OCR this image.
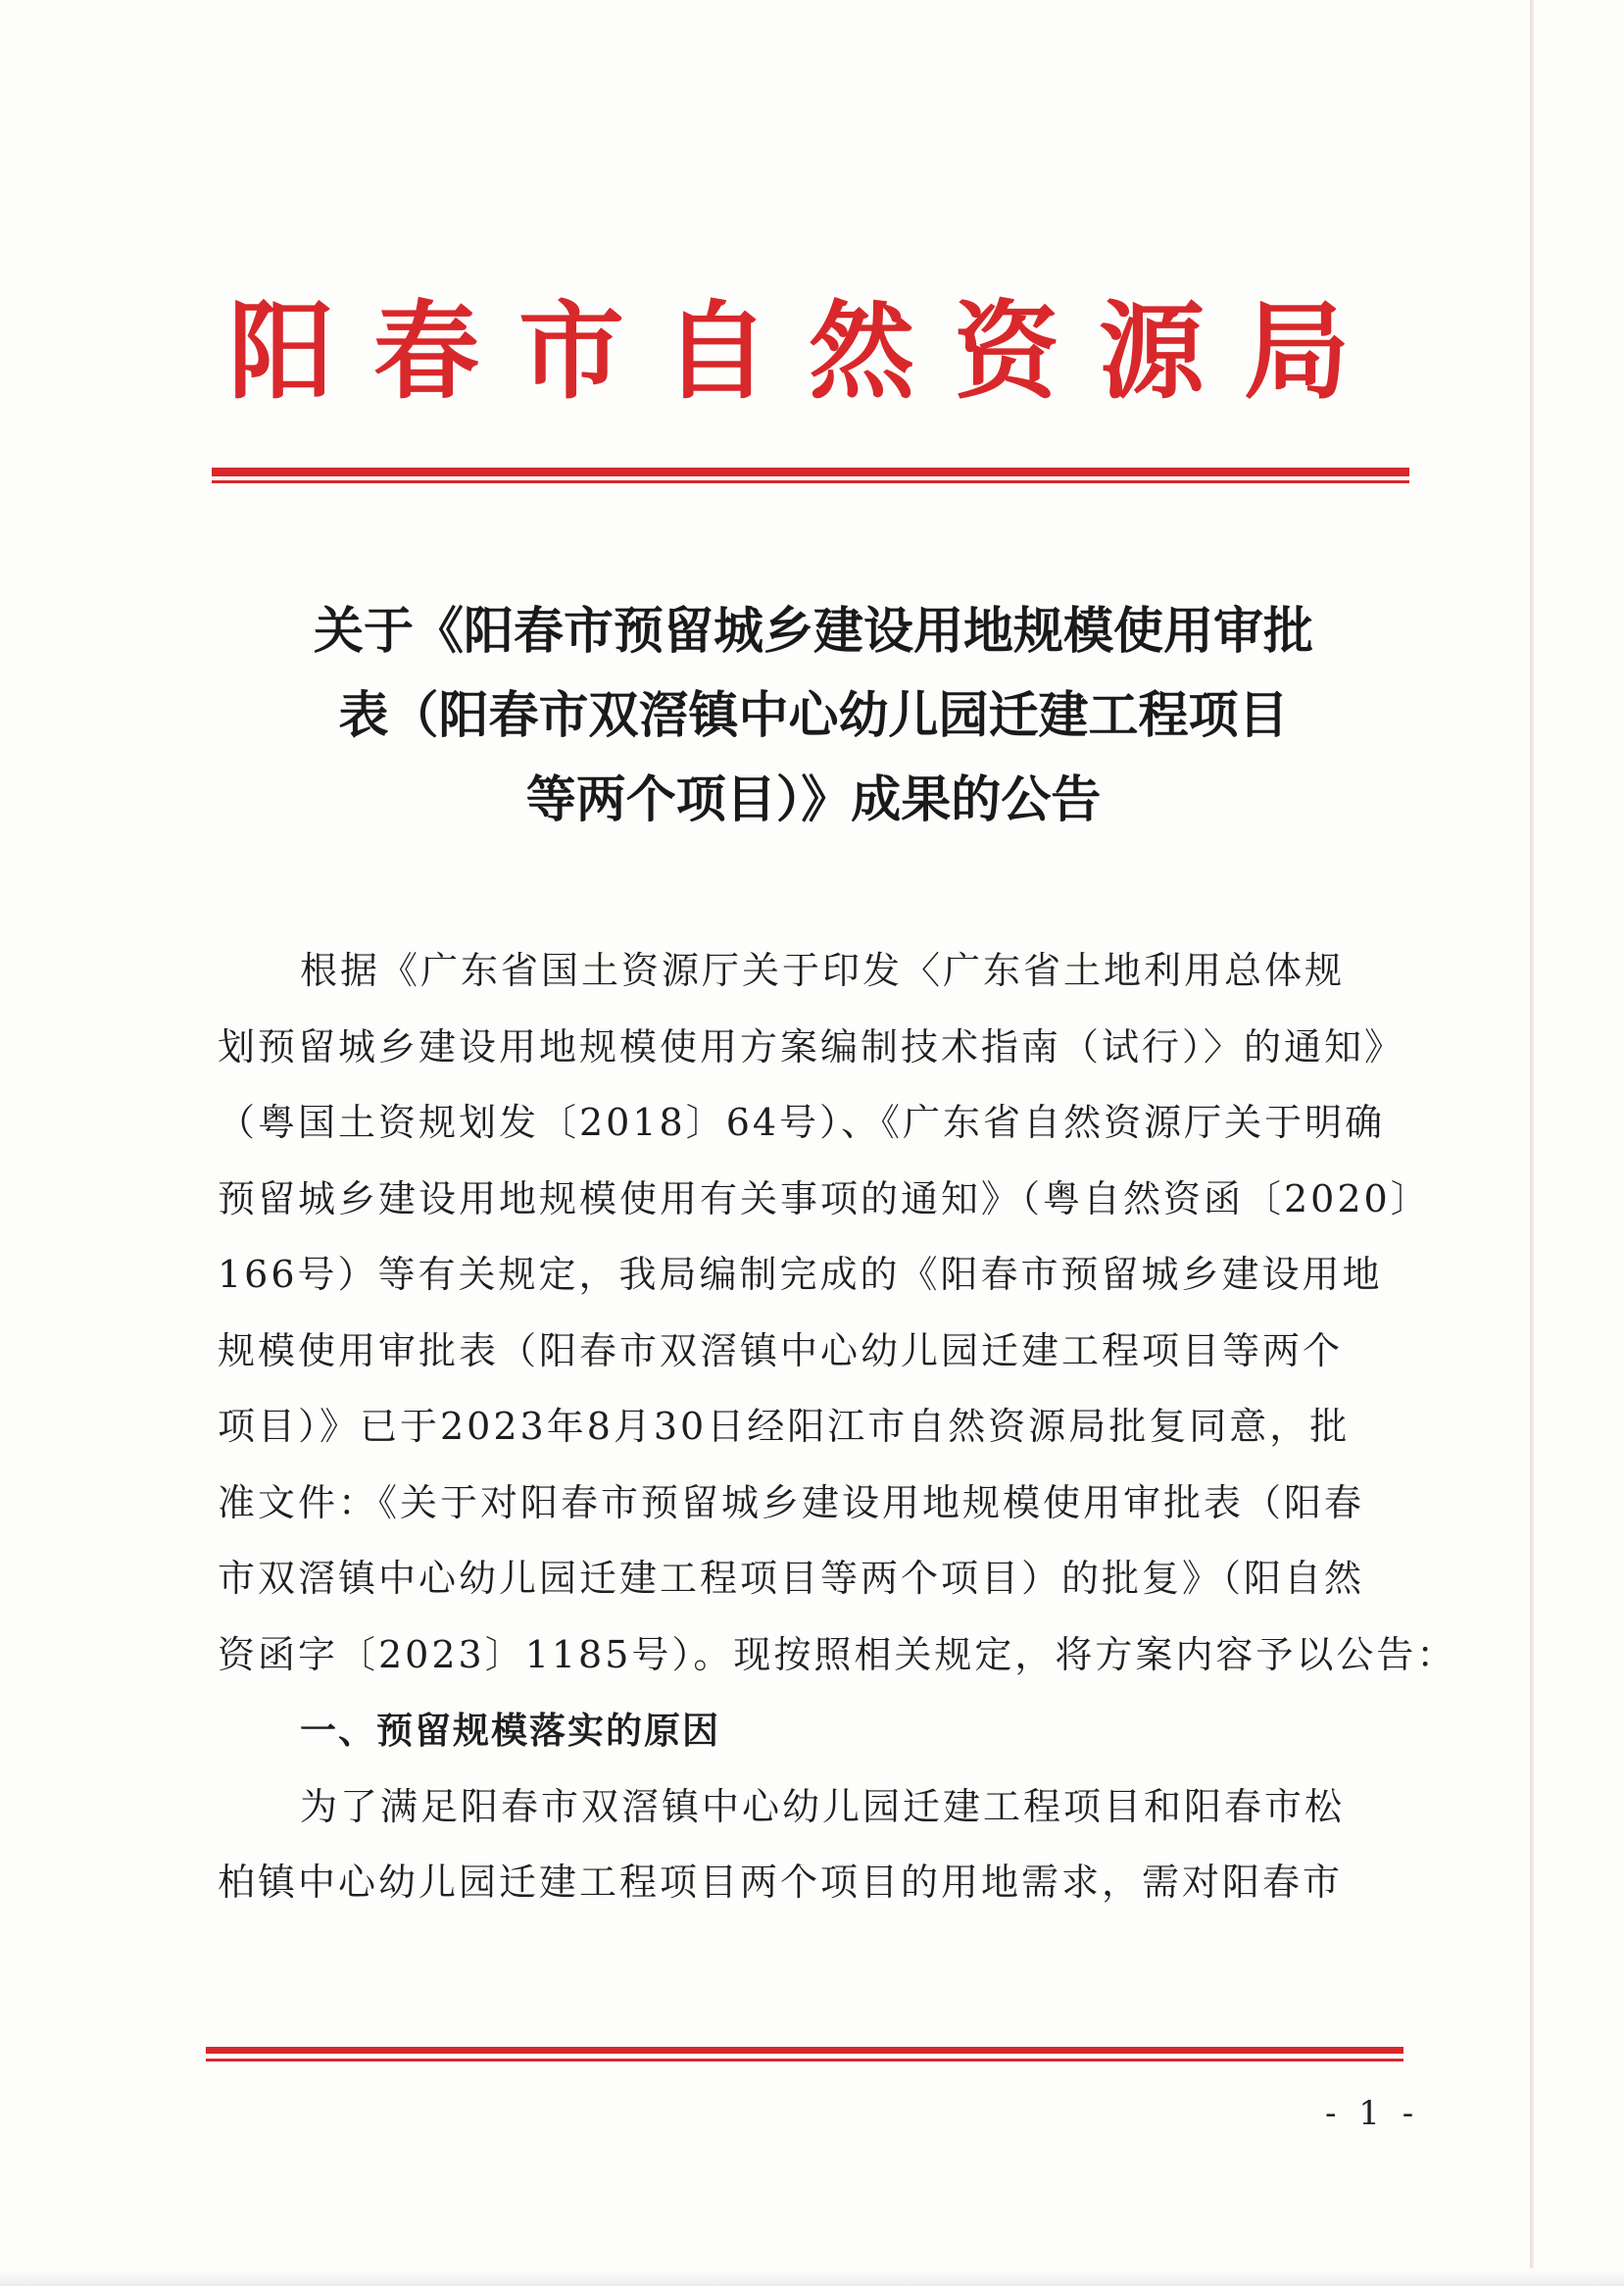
阳春市自然资源局
关于《阳春市预留城乡建设用地规模使用审批
表（阳春市双滘镇中心幼儿园迁建工程项目
等两个项目）》成果的公告
根据《广东省国土资源厅关于印发〈广东省土地利用总体规
划预留城乡建设用地规模使用方案编制技术指南（试行）〉的通知》
（粤国土资规划发〔2018〕64号）、《广东省自然资源厅关于明确
预留城乡建设用地规模使用有关事项的通知》（粤自然资函〔2020〕
166号）等有关规定，我局编制完成的《阳春市预留城乡建设用地
规模使用审批表（阳春市双滘镇中心幼儿园迁建工程项目等两个
项目）》已于2023年8月30日经阳江市自然资源局批复同意，批
准文件：《关于对阳春市预留城乡建设用地规模使用审批表（阳春
市双滘镇中心幼儿园迁建工程项目等两个项目）的批复》（阳自然
资函字〔2023〕1185号）。现按照相关规定，将方案内容予以公告：
一、预留规模落实的原因
为了满足阳春市双滘镇中心幼儿园迁建工程项目和阳春市松
柏镇中心幼儿园迁建工程项目两个项目的用地需求，需对阳春市
- 1 -
